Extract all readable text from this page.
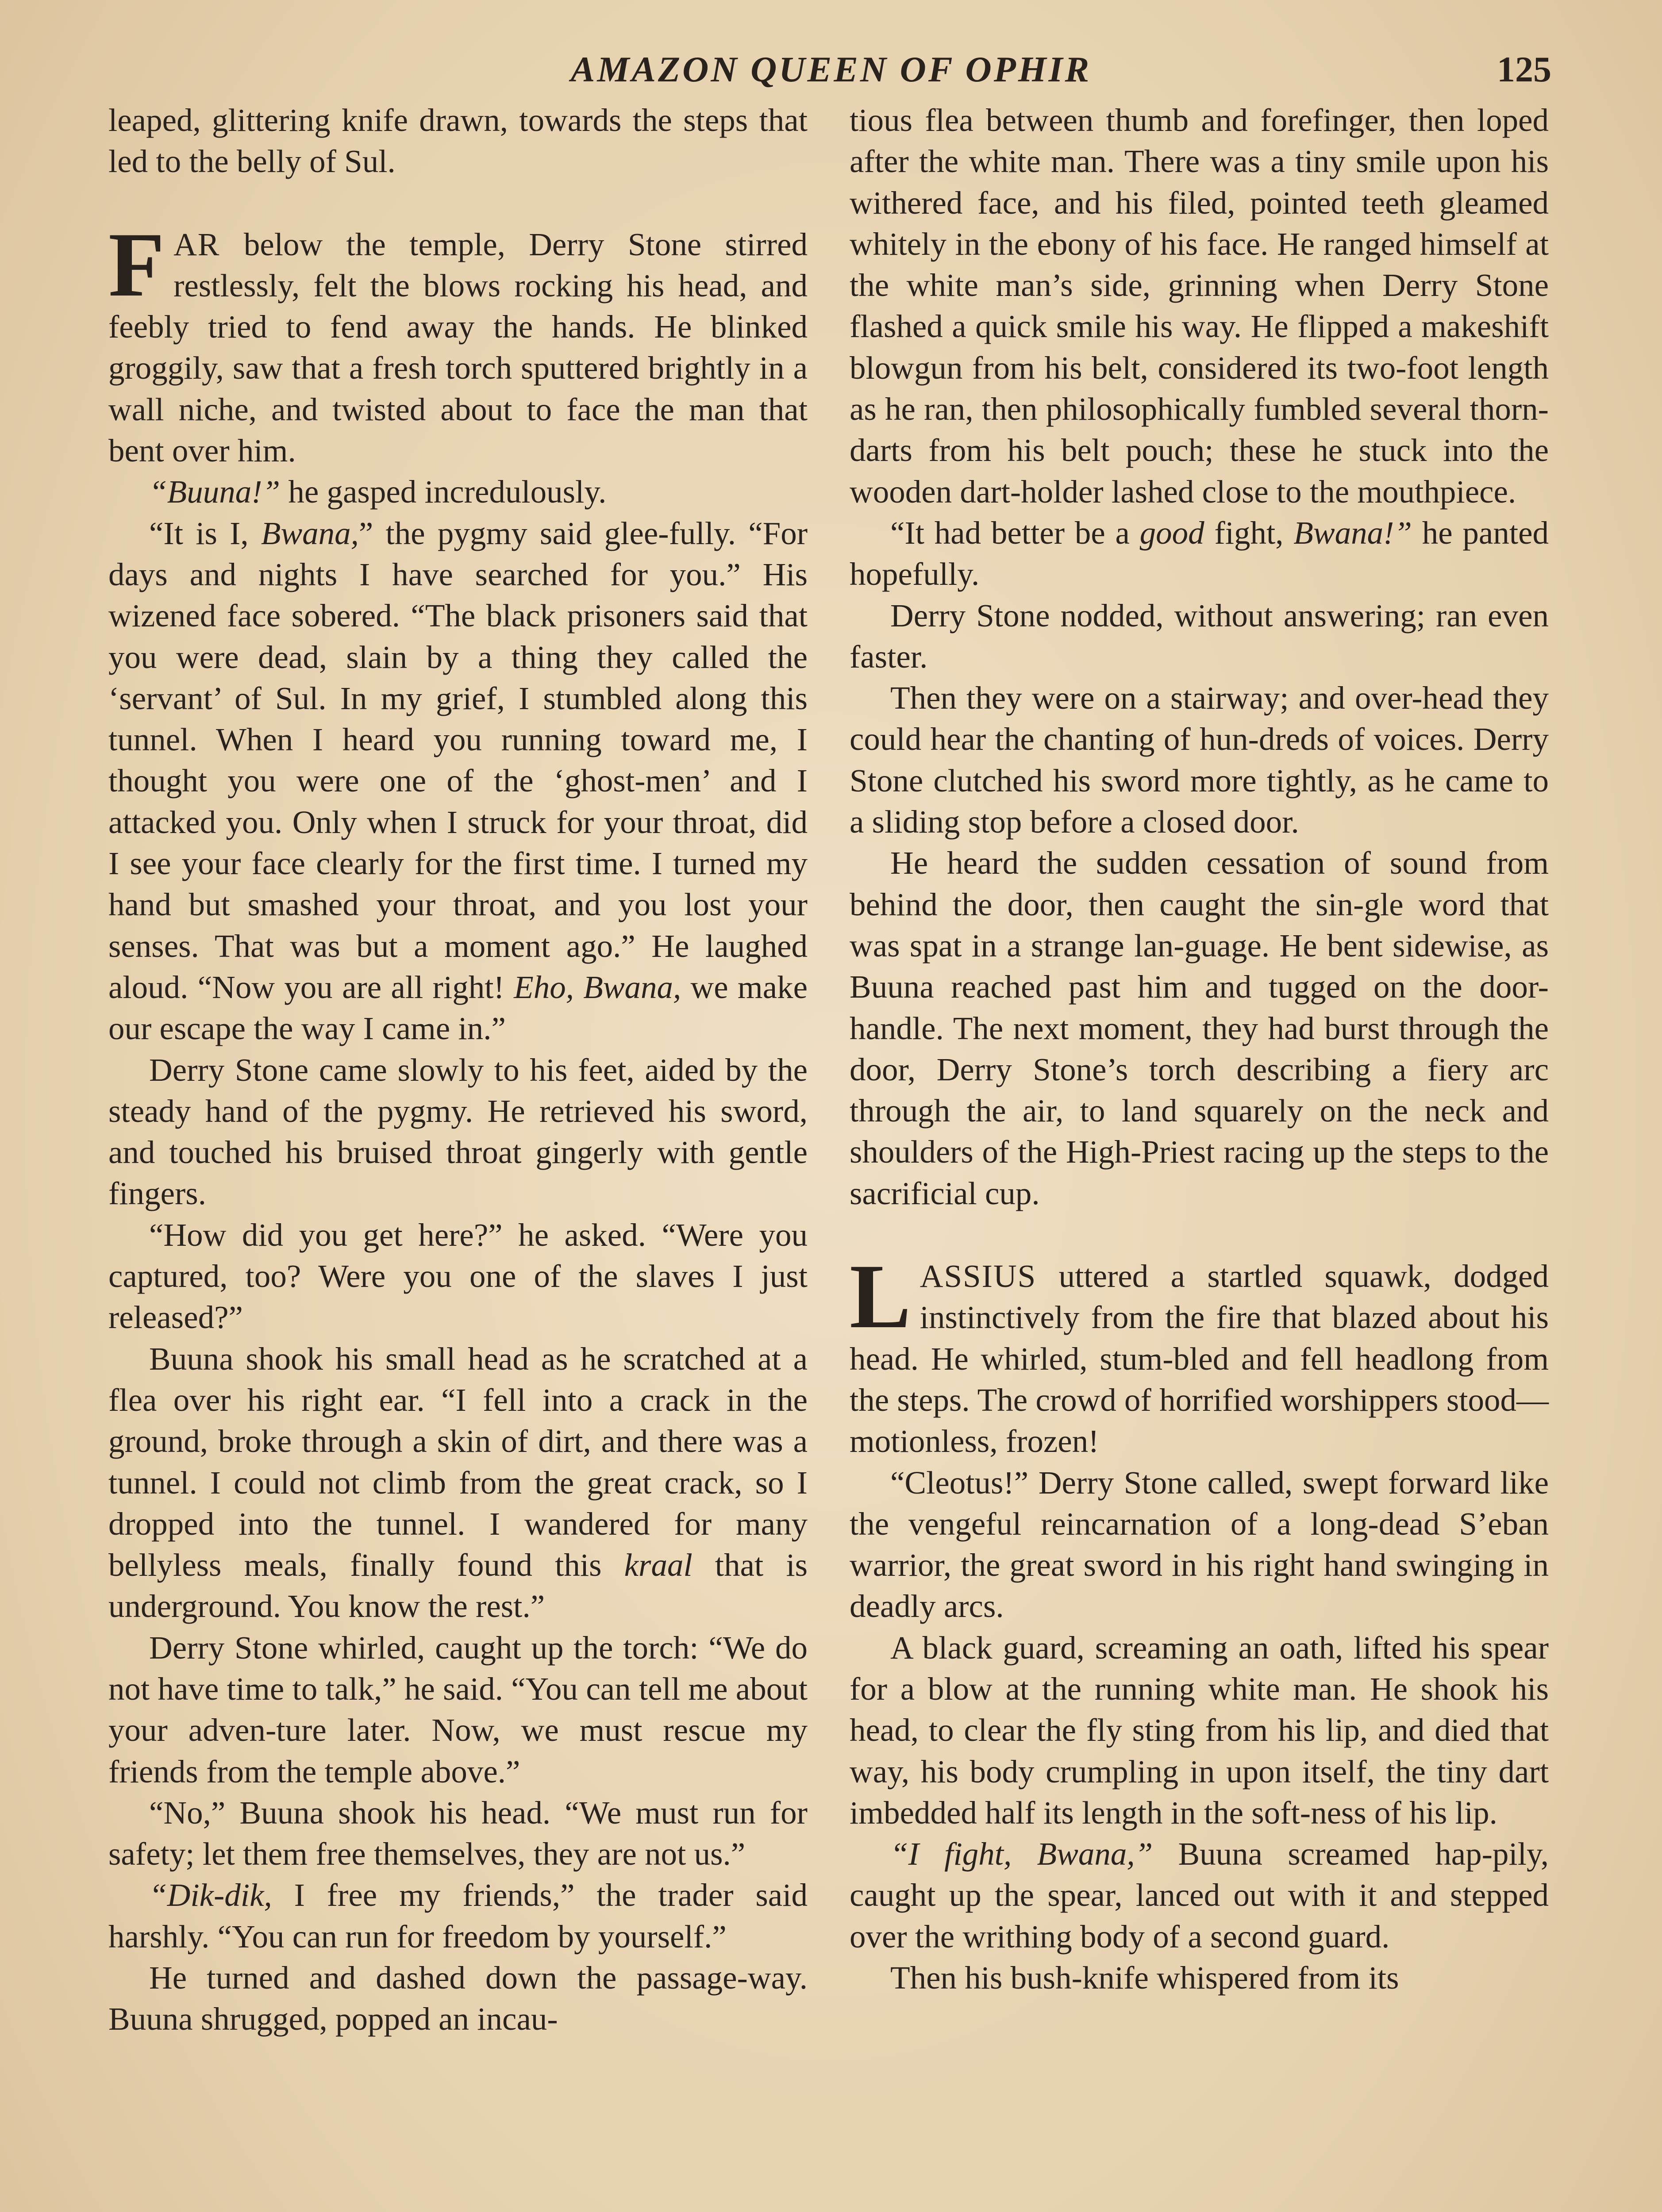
AMAZON QUEEN OF OPHIR	125

leaped, glittering knife drawn, towards the steps that led to the belly of Sul.

FAR below the temple, Derry Stone stirred restlessly, felt the blows rocking his head, and feebly tried to fend away the hands. He blinked groggily, saw that a fresh torch sputtered brightly in a wall niche, and twisted about to face the man that bent over him.

“Buuna!” he gasped incredulously.

“It is I, Bwana,” the pygmy said glee-fully. “For days and nights I have searched for you.” His wizened face sobered. “The black prisoners said that you were dead, slain by a thing they called the ‘servant’ of Sul. In my grief, I stumbled along this tunnel. When I heard you running toward me, I thought you were one of the ‘ghost-men’ and I attacked you. Only when I struck for your throat, did I see your face clearly for the first time. I turned my hand but smashed your throat, and you lost your senses. That was but a moment ago.” He laughed aloud. “Now you are all right! Eho, Bwana, we make our escape the way I came in.”

Derry Stone came slowly to his feet, aided by the steady hand of the pygmy. He retrieved his sword, and touched his bruised throat gingerly with gentle fingers.

“How did you get here?” he asked. “Were you captured, too? Were you one of the slaves I just released?”

Buuna shook his small head as he scratched at a flea over his right ear. “I fell into a crack in the ground, broke through a skin of dirt, and there was a tunnel. I could not climb from the great crack, so I dropped into the tunnel. I wandered for many bellyless meals, finally found this kraal that is underground. You know the rest.”

Derry Stone whirled, caught up the torch: “We do not have time to talk,” he said. “You can tell me about your adven-ture later. Now, we must rescue my friends from the temple above.”

“No,” Buuna shook his head. “We must run for safety; let them free themselves, they are not us.”

“Dik-dik, I free my friends,” the trader said harshly. “You can run for freedom by yourself.”

He turned and dashed down the passage-way. Buuna shrugged, popped an incau-

tious flea between thumb and forefinger, then loped after the white man. There was a tiny smile upon his withered face, and his filed, pointed teeth gleamed whitely in the ebony of his face. He ranged himself at the white man’s side, grinning when Derry Stone flashed a quick smile his way. He flipped a makeshift blowgun from his belt, considered its two-foot length as he ran, then philosophically fumbled several thorn-darts from his belt pouch; these he stuck into the wooden dart-holder lashed close to the mouthpiece.

“It had better be a good fight, Bwana!” he panted hopefully.

Derry Stone nodded, without answering; ran even faster.

Then they were on a stairway; and over-head they could hear the chanting of hun-dreds of voices. Derry Stone clutched his sword more tightly, as he came to a sliding stop before a closed door.

He heard the sudden cessation of sound from behind the door, then caught the sin-gle word that was spat in a strange lan-guage. He bent sidewise, as Buuna reached past him and tugged on the door-handle. The next moment, they had burst through the door, Derry Stone’s torch describing a fiery arc through the air, to land squarely on the neck and shoulders of the High-Priest racing up the steps to the sacrificial cup.

LASSIUS uttered a startled squawk, dodged instinctively from the fire that blazed about his head. He whirled, stum-bled and fell headlong from the steps. The crowd of horrified worshippers stood—motionless, frozen!

“Cleotus!” Derry Stone called, swept forward like the vengeful reincarnation of a long-dead S’eban warrior, the great sword in his right hand swinging in deadly arcs.

A black guard, screaming an oath, lifted his spear for a blow at the running white man. He shook his head, to clear the fly sting from his lip, and died that way, his body crumpling in upon itself, the tiny dart imbedded half its length in the soft-ness of his lip.

“I fight, Bwana,” Buuna screamed hap-pily, caught up the spear, lanced out with it and stepped over the writhing body of a second guard.

Then his bush-knife whispered from its
